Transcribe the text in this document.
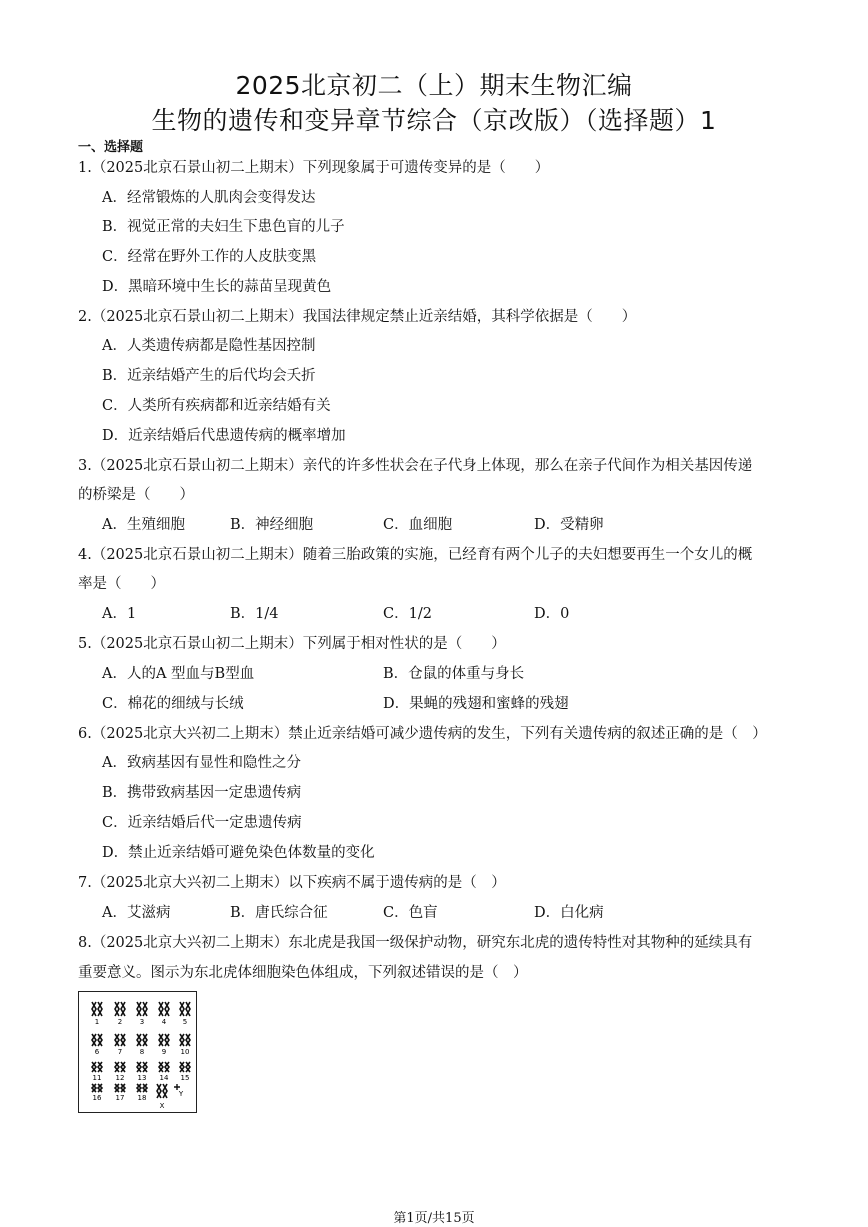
2025北京初二（上）期末生物汇编
生物的遗传和变异章节综合（京改版）（选择题）1
一、选择题
1.（2025北京石景山初二上期末）下列现象属于可遗传变异的是（　　）
A．经常锻炼的人肌肉会变得发达
B．视觉正常的夫妇生下患色盲的儿子
C．经常在野外工作的人皮肤变黑
D．黑暗环境中生长的蒜苗呈现黄色
2.（2025北京石景山初二上期末）我国法律规定禁止近亲结婚，其科学依据是（　　）
A．人类遗传病都是隐性基因控制
B．近亲结婚产生的后代均会夭折
C．人类所有疾病都和近亲结婚有关
D．近亲结婚后代患遗传病的概率增加
3.（2025北京石景山初二上期末）亲代的许多性状会在子代身上体现，那么在亲子代间作为相关基因传递
的桥梁是（　　）
A．生殖细胞	B．神经细胞	C．血细胞	D．受精卵
4.（2025北京石景山初二上期末）随着三胎政策的实施，已经育有两个儿子的夫妇想要再生一个女儿的概
率是（　　）
A．1	B．1/4	C．1/2	D．0
5.（2025北京石景山初二上期末）下列属于相对性状的是（　　）
A．人的A 型血与B型血	B．仓鼠的体重与身长
C．棉花的细绒与长绒	D．果蝇的残翅和蜜蜂的残翅
6.（2025北京大兴初二上期末）禁止近亲结婚可减少遗传病的发生，下列有关遗传病的叙述正确的是（　）
A．致病基因有显性和隐性之分
B．携带致病基因一定患遗传病
C．近亲结婚后代一定患遗传病
D．禁止近亲结婚可避免染色体数量的变化
7.（2025北京大兴初二上期末）以下疾病不属于遗传病的是（　）
A．艾滋病	B．唐氏综合征	C．色盲	D．白化病
8.（2025北京大兴初二上期末）东北虎是我国一级保护动物，研究东北虎的遗传特性对其物种的延续具有
重要意义。图示为东北虎体细胞染色体组成，下列叙述错误的是（　）
1	2	3	4 5
6	7	8	9 10
11 12 13 14 15
16 17 18
X
Y
第1页/共15页
